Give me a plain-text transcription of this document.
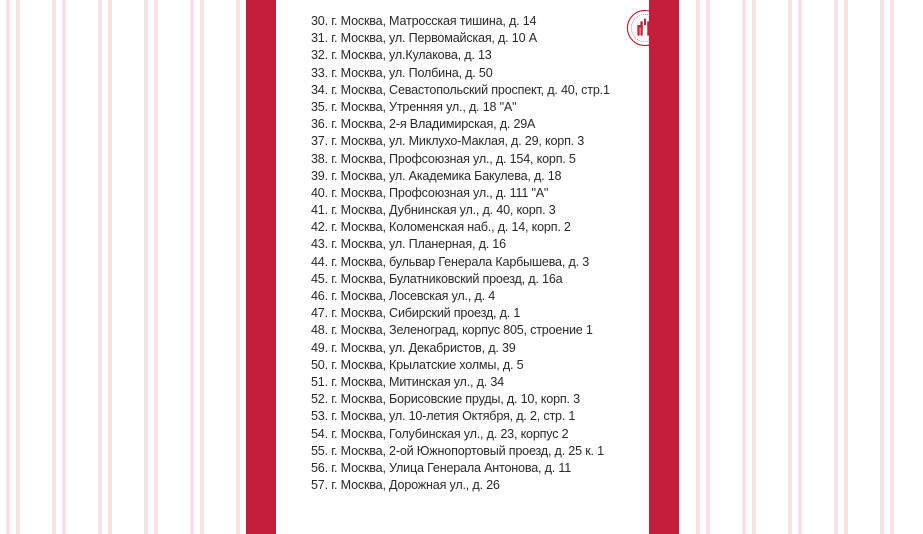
30. г. Москва, Матросская тишина, д. 14
31. г. Москва, ул. Первомайская, д. 10 А
32. г. Москва, ул.Кулакова, д. 13
33. г. Москва, ул. Полбина, д. 50
34. г. Москва, Севастопольский проспект, д. 40, стр.1
35. г. Москва, Утренняя ул., д. 18 "А"
36. г. Москва, 2-я Владимирская, д. 29А
37. г. Москва, ул. Миклухо-Маклая, д. 29, корп. 3
38. г. Москва, Профсоюзная ул., д. 154, корп. 5
39. г. Москва, ул. Академика Бакулева, д. 18
40. г. Москва, Профсоюзная ул., д. 111 "А"
41. г. Москва, Дубнинская ул., д. 40, корп. 3
42. г. Москва, Коломенская наб., д. 14, корп. 2
43. г. Москва, ул. Планерная, д. 16
44. г. Москва, бульвар Генерала Карбышева, д. 3
45. г. Москва, Булатниковский проезд, д. 16а
46. г. Москва, Лосевская ул., д. 4
47. г. Москва, Сибирский проезд, д. 1
48. г. Москва, Зеленоград, корпус 805, строение 1
49. г. Москва, ул. Декабристов, д. 39
50. г. Москва, Крылатские холмы, д. 5
51. г. Москва, Митинская ул., д. 34
52. г. Москва, Борисовские пруды, д. 10, корп. 3
53. г. Москва, ул. 10-летия Октября, д. 2, стр. 1
54. г. Москва, Голубинская ул., д. 23, корпус 2
55. г. Москва, 2-ой Южнопортовый проезд, д. 25 к. 1
56. г. Москва, Улица Генерала Антонова, д. 11
57. г. Москва, Дорожная ул., д. 26
